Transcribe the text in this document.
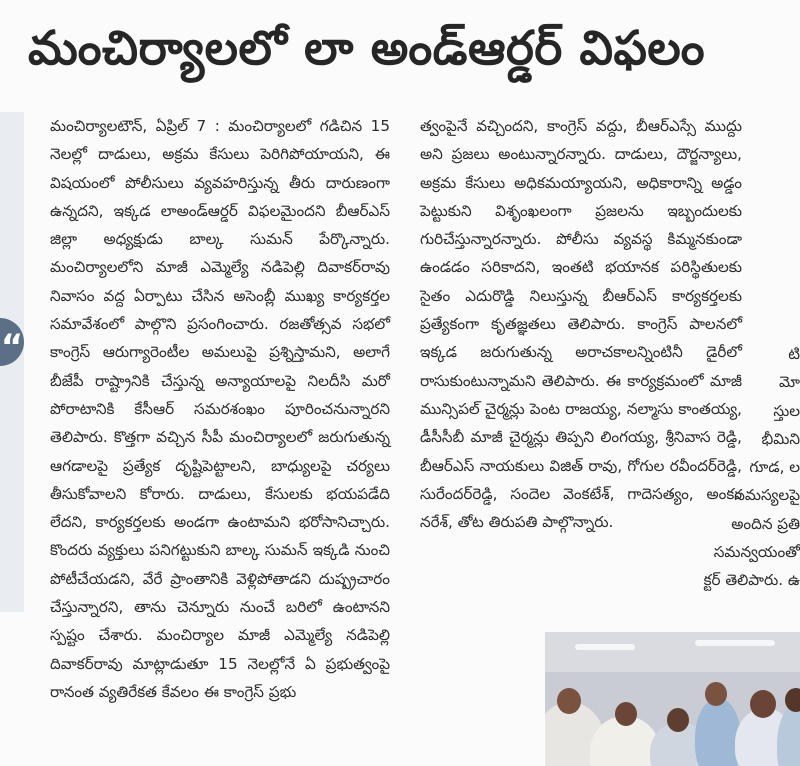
మంచిర్యాలలో లా అండ్‌ఆర్డర్ విఫలం
“

మంచిర్యాలటౌన్, ఏప్రిల్ 7 : మంచిర్యాలలో గడిచిన 15 నెలల్లో దాడులు, అక్రమ కేసులు పెరిగిపోయాయని, ఈ విషయంలో పోలీసులు వ్యవహరిస్తున్న తీరు దారుణంగా ఉన్నదని, ఇక్కడ లాఅండ్ఆర్డర్ విఫలమైందని బీఆర్ఎస్ జిల్లా అధ్యక్షుడు బాల్క సుమన్ పేర్కొన్నారు. మంచిర్యాలలోని మాజీ ఎమ్మెల్యే నడిపెల్లి దివాకర్‌రావు నివాసం వద్ద ఏర్పాటు చేసిన అసెంబ్లీ ముఖ్య కార్యకర్తల సమావేశంలో పాల్గొని ప్రసంగించారు. రజతోత్సవ సభలో కాంగ్రెస్ ఆరుగ్యారెంటీల అమలుపై ప్రశ్నిస్తామని, అలాగే బీజేపీ రాష్ట్రానికి చేస్తున్న అన్యాయాలపై నిలదీసి మరో పోరాటానికి కేసీఆర్ సమరశంఖం పూరించనున్నారని తెలిపారు. కొత్తగా వచ్చిన సీపీ మంచిర్యాలలో జరుగుతున్న ఆగడాలపై ప్రత్యేక దృష్టిపెట్టాలని, బాధ్యులపై చర్యలు తీసుకోవాలని కోరారు. దాడులు, కేసులకు భయపడేది లేదని, కార్యకర్తలకు అండగా ఉంటామని భరోసానిచ్చారు. కొందరు వ్యక్తులు పనిగట్టుకుని బాల్క సుమన్ ఇక్కడి నుంచి పోటీచేయడని, వేరే ప్రాంతానికి వెళ్లిపోతాడని దుష్ప్రచారం చేస్తున్నారని, తాను చెన్నూరు నుంచే బరిలో ఉంటానని స్పష్టం చేశారు. మంచిర్యాల మాజీ ఎమ్మెల్యే నడిపెల్లి దివాకర్‌రావు మాట్లాడుతూ 15 నెలల్లోనే ఏ ప్రభుత్వంపై రానంత వ్యతిరేకత కేవలం ఈ కాంగ్రెస్ ప్రభు

త్వంపైనే వచ్చిందని, కాంగ్రెస్ వద్దు, బీఆర్ఎస్సే ముద్దు అని ప్రజలు అంటున్నారన్నారు. దాడులు, దౌర్జన్యాలు, అక్రమ కేసులు అధికమయ్యాయని, అధికారాన్ని అడ్డం పెట్టుకుని విశృంఖలంగా ప్రజలను ఇబ్బందులకు గురిచేస్తున్నారన్నారు. పోలీసు వ్యవస్థ కిమ్మనకుండా ఉండడం సరికాదని, ఇంతటి భయానక పరిస్థితులకు సైతం ఎదురొడ్డి నిలుస్తున్న బీఆర్ఎస్ కార్యకర్తలకు ప్రత్యేకంగా కృతజ్ఞతలు తెలిపారు. కాంగ్రెస్ పాలనలో ఇక్కడ జరుగుతున్న అరాచకాలన్నింటినీ డైరీలో రాసుకుంటున్నామని తెలిపారు. ఈ కార్యక్రమంలో మాజీ మున్సిపల్ చైర్మన్లు పెంట రాజయ్య, నల్మాసు కాంతయ్య, డీసీసీబీ మాజీ చైర్మన్లు తిప్పని లింగయ్య, శ్రీనివాస రెడ్డి, బీఆర్ఎస్ నాయకులు విజిత్ రావు, గోగుల రవీందర్‌రెడ్డి, సురేందర్‌రెడ్డి, సందెల వెంకటేశ్, గాదెసత్యం, అంకం నరేశ్, తోట తిరుపతి పాల్గొన్నారు.

టి

మో

స్తుల

భీమిని

గూడ, ల

సమస్యలపై

అందిన ప్రతి

సమన్వయంతో

క్టర్ తెలిపారు. ఉ
